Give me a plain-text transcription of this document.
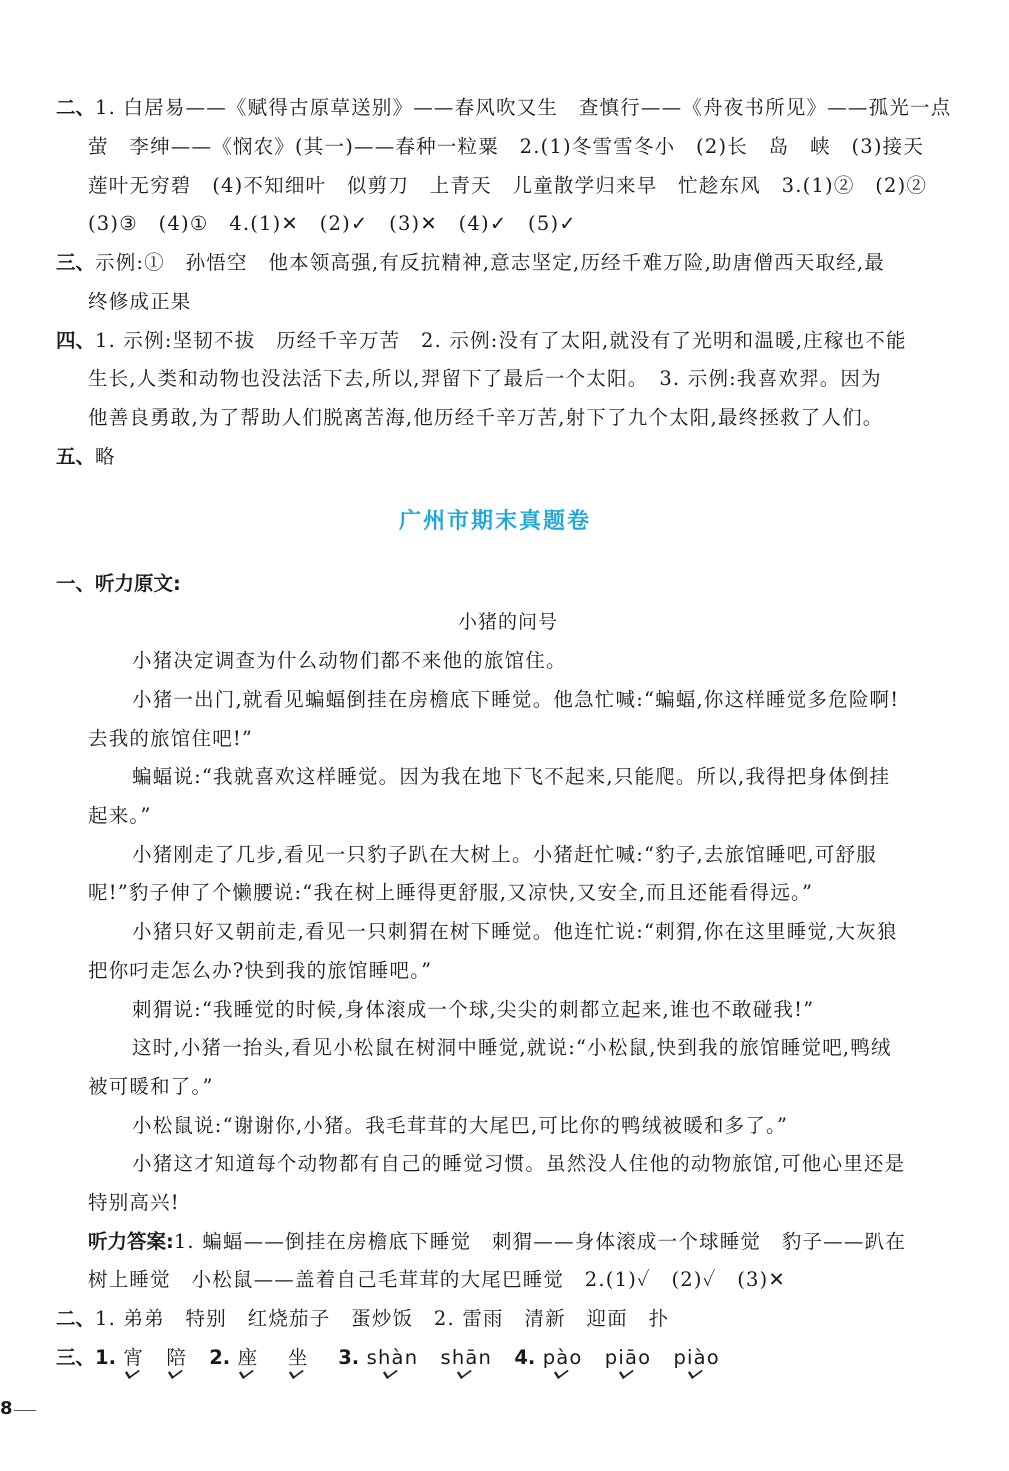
二、1. 白居易——《赋得古原草送别》——春风吹又生　查慎行——《舟夜书所见》——孤光一点
萤　李绅——《悯农》(其一)——春种一粒粟　2.(1)冬雪雪冬小　(2)长　岛　峡　(3)接天
莲叶无穷碧　(4)不知细叶　似剪刀　上青天　儿童散学归来早　忙趁东风　3.(1)②　(2)②
(3)③　(4)①　4.(1)✕　(2)✓　(3)✕　(4)✓　(5)✓
三、示例:①　孙悟空　他本领高强,有反抗精神,意志坚定,历经千难万险,助唐僧西天取经,最
终修成正果
四、1. 示例:坚韧不拔　历经千辛万苦　2. 示例:没有了太阳,就没有了光明和温暖,庄稼也不能
生长,人类和动物也没法活下去,所以,羿留下了最后一个太阳。　3. 示例:我喜欢羿。因为
他善良勇敢,为了帮助人们脱离苦海,他历经千辛万苦,射下了九个太阳,最终拯救了人们。
五、略
广州市期末真题卷
一、听力原文:
小猪的问号
小猪决定调查为什么动物们都不来他的旅馆住。
小猪一出门,就看见蝙蝠倒挂在房檐底下睡觉。他急忙喊:“蝙蝠,你这样睡觉多危险啊!
去我的旅馆住吧!”
蝙蝠说:“我就喜欢这样睡觉。因为我在地下飞不起来,只能爬。所以,我得把身体倒挂
起来。”
小猪刚走了几步,看见一只豹子趴在大树上。小猪赶忙喊:“豹子,去旅馆睡吧,可舒服
呢!”豹子伸了个懒腰说:“我在树上睡得更舒服,又凉快,又安全,而且还能看得远。”
小猪只好又朝前走,看见一只刺猬在树下睡觉。他连忙说:“刺猬,你在这里睡觉,大灰狼
把你叼走怎么办?快到我的旅馆睡吧。”
刺猬说:“我睡觉的时候,身体滚成一个球,尖尖的刺都立起来,谁也不敢碰我!”
这时,小猪一抬头,看见小松鼠在树洞中睡觉,就说:“小松鼠,快到我的旅馆睡觉吧,鸭绒
被可暖和了。”
小松鼠说:“谢谢你,小猪。我毛茸茸的大尾巴,可比你的鸭绒被暖和多了。”
小猪这才知道每个动物都有自己的睡觉习惯。虽然没人住他的动物旅馆,可他心里还是
特别高兴!
听力答案:1. 蝙蝠——倒挂在房檐底下睡觉　刺猬——身体滚成一个球睡觉　豹子——趴在
树上睡觉　小松鼠——盖着自己毛茸茸的大尾巴睡觉　2.(1)✓　(2)✓　(3)✕
二、1. 弟弟　特别　红烧茄子　蛋炒饭　2. 雷雨　清新　迎面　扑
三、1. 宵 陪 2. 座 坐 3. shàn shān 4. pào piāo piào
8
